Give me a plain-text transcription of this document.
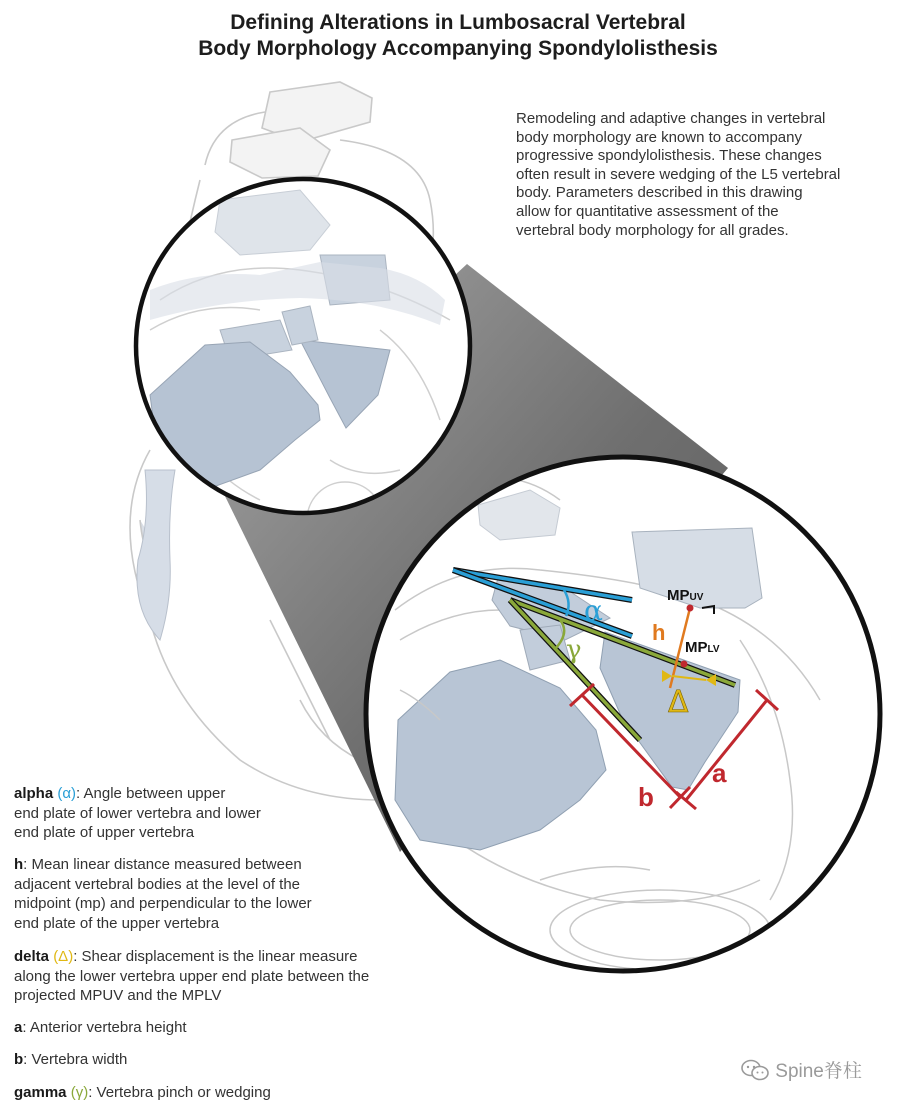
α
γ
h
Δ
a
b
MPUV
MPLV
Defining Alterations in Lumbosacral Vertebral
Body Morphology Accompanying Spondylolisthesis
Remodeling and adaptive changes in vertebral
body morphology are known to accompany
progressive spondylolisthesis. These changes
often result in severe wedging of the L5 vertebral
body. Parameters described in this drawing
allow for quantitative assessment of the
vertebral body morphology for all grades.
alpha (α): Angle between upper
end plate of lower vertebra and lower
end plate of upper vertebra
h: Mean linear distance measured between
adjacent vertebral bodies at the level of the
midpoint (mp) and perpendicular to the lower
end plate of the upper vertebra
delta (Δ): Shear displacement is the linear measure
along the lower vertebra upper end plate between the
projected MPUV and the MPLV
a: Anterior vertebra height
b: Vertebra width
gamma (γ): Vertebra pinch or wedging
Spine脊柱
